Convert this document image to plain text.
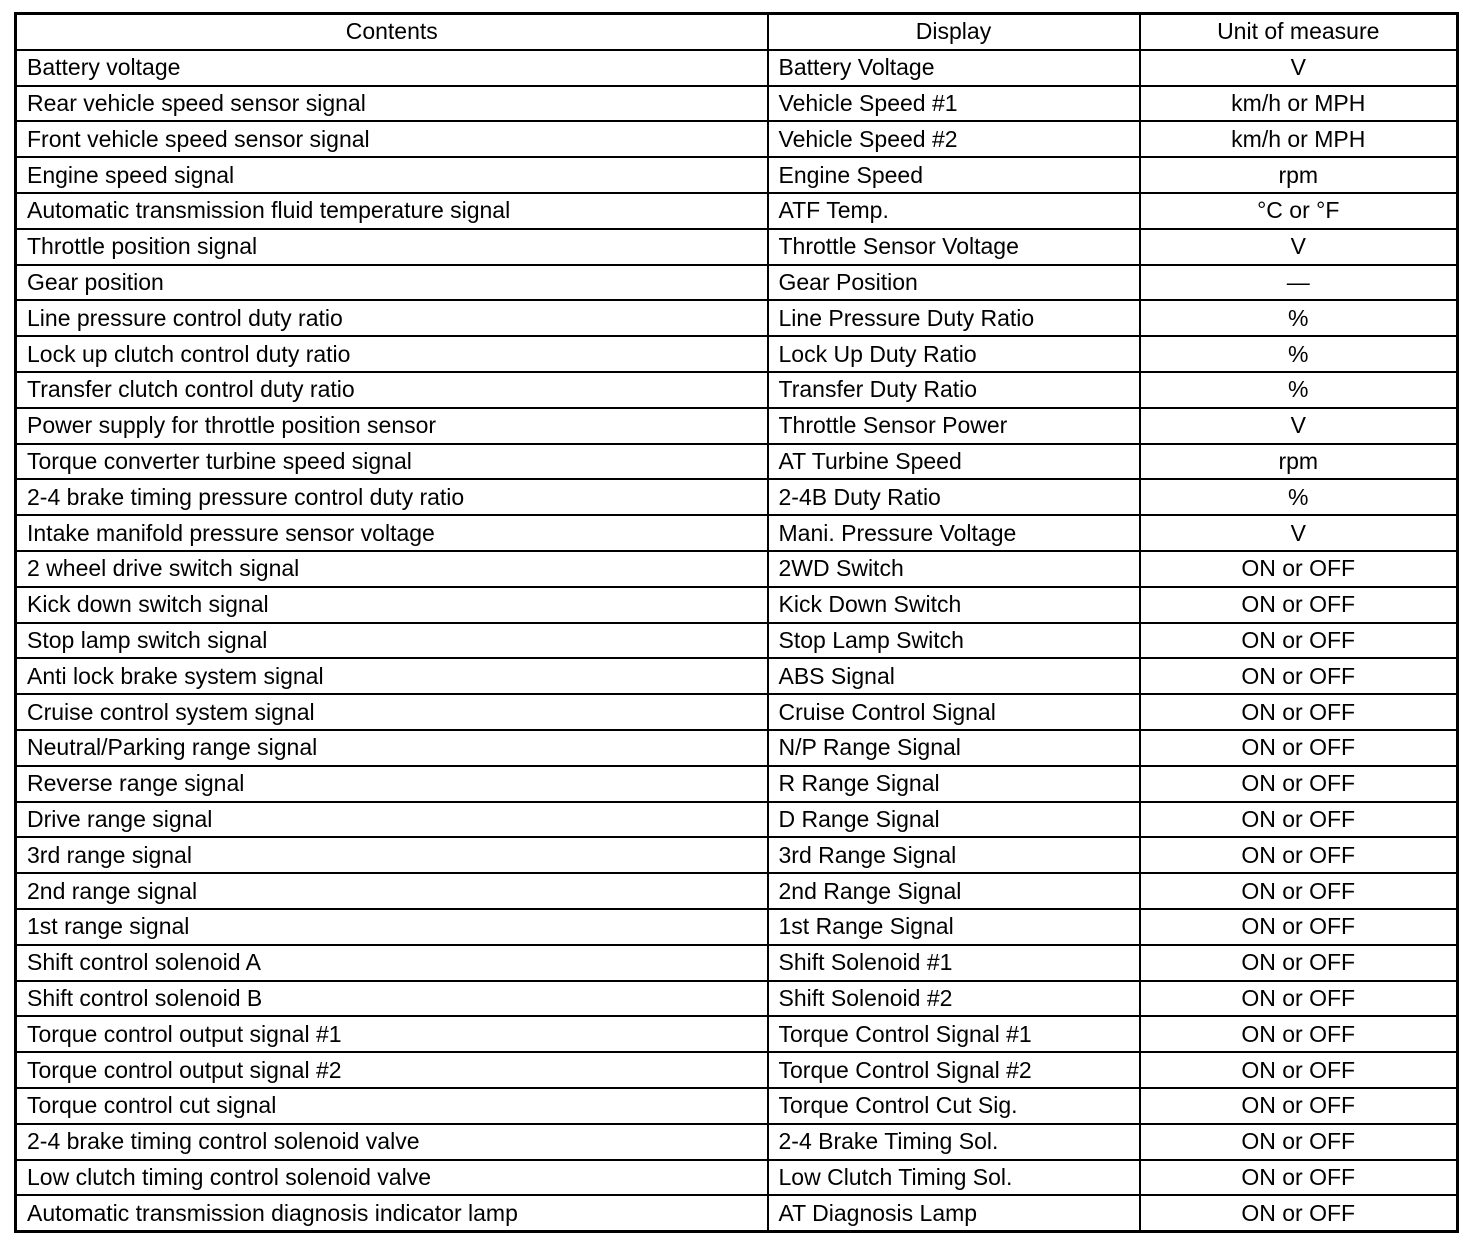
Contents	Display	Unit of measure
Battery voltage	Battery Voltage	V
Rear vehicle speed sensor signal	Vehicle Speed #1	km/h or MPH
Front vehicle speed sensor signal	Vehicle Speed #2	km/h or MPH
Engine speed signal	Engine Speed	rpm
Automatic transmission fluid temperature signal	ATF Temp.	°C or °F
Throttle position signal	Throttle Sensor Voltage	V
Gear position	Gear Position	—
Line pressure control duty ratio	Line Pressure Duty Ratio	%
Lock up clutch control duty ratio	Lock Up Duty Ratio	%
Transfer clutch control duty ratio	Transfer Duty Ratio	%
Power supply for throttle position sensor	Throttle Sensor Power	V
Torque converter turbine speed signal	AT Turbine Speed	rpm
2-4 brake timing pressure control duty ratio	2-4B Duty Ratio	%
Intake manifold pressure sensor voltage	Mani. Pressure Voltage	V
2 wheel drive switch signal	2WD Switch	ON or OFF
Kick down switch signal	Kick Down Switch	ON or OFF
Stop lamp switch signal	Stop Lamp Switch	ON or OFF
Anti lock brake system signal	ABS Signal	ON or OFF
Cruise control system signal	Cruise Control Signal	ON or OFF
Neutral/Parking range signal	N/P Range Signal	ON or OFF
Reverse range signal	R Range Signal	ON or OFF
Drive range signal	D Range Signal	ON or OFF
3rd range signal	3rd Range Signal	ON or OFF
2nd range signal	2nd Range Signal	ON or OFF
1st range signal	1st Range Signal	ON or OFF
Shift control solenoid A	Shift Solenoid #1	ON or OFF
Shift control solenoid B	Shift Solenoid #2	ON or OFF
Torque control output signal #1	Torque Control Signal #1	ON or OFF
Torque control output signal #2	Torque Control Signal #2	ON or OFF
Torque control cut signal	Torque Control Cut Sig.	ON or OFF
2-4 brake timing control solenoid valve	2-4 Brake Timing Sol.	ON or OFF
Low clutch timing control solenoid valve	Low Clutch Timing Sol.	ON or OFF
Automatic transmission diagnosis indicator lamp	AT Diagnosis Lamp	ON or OFF
